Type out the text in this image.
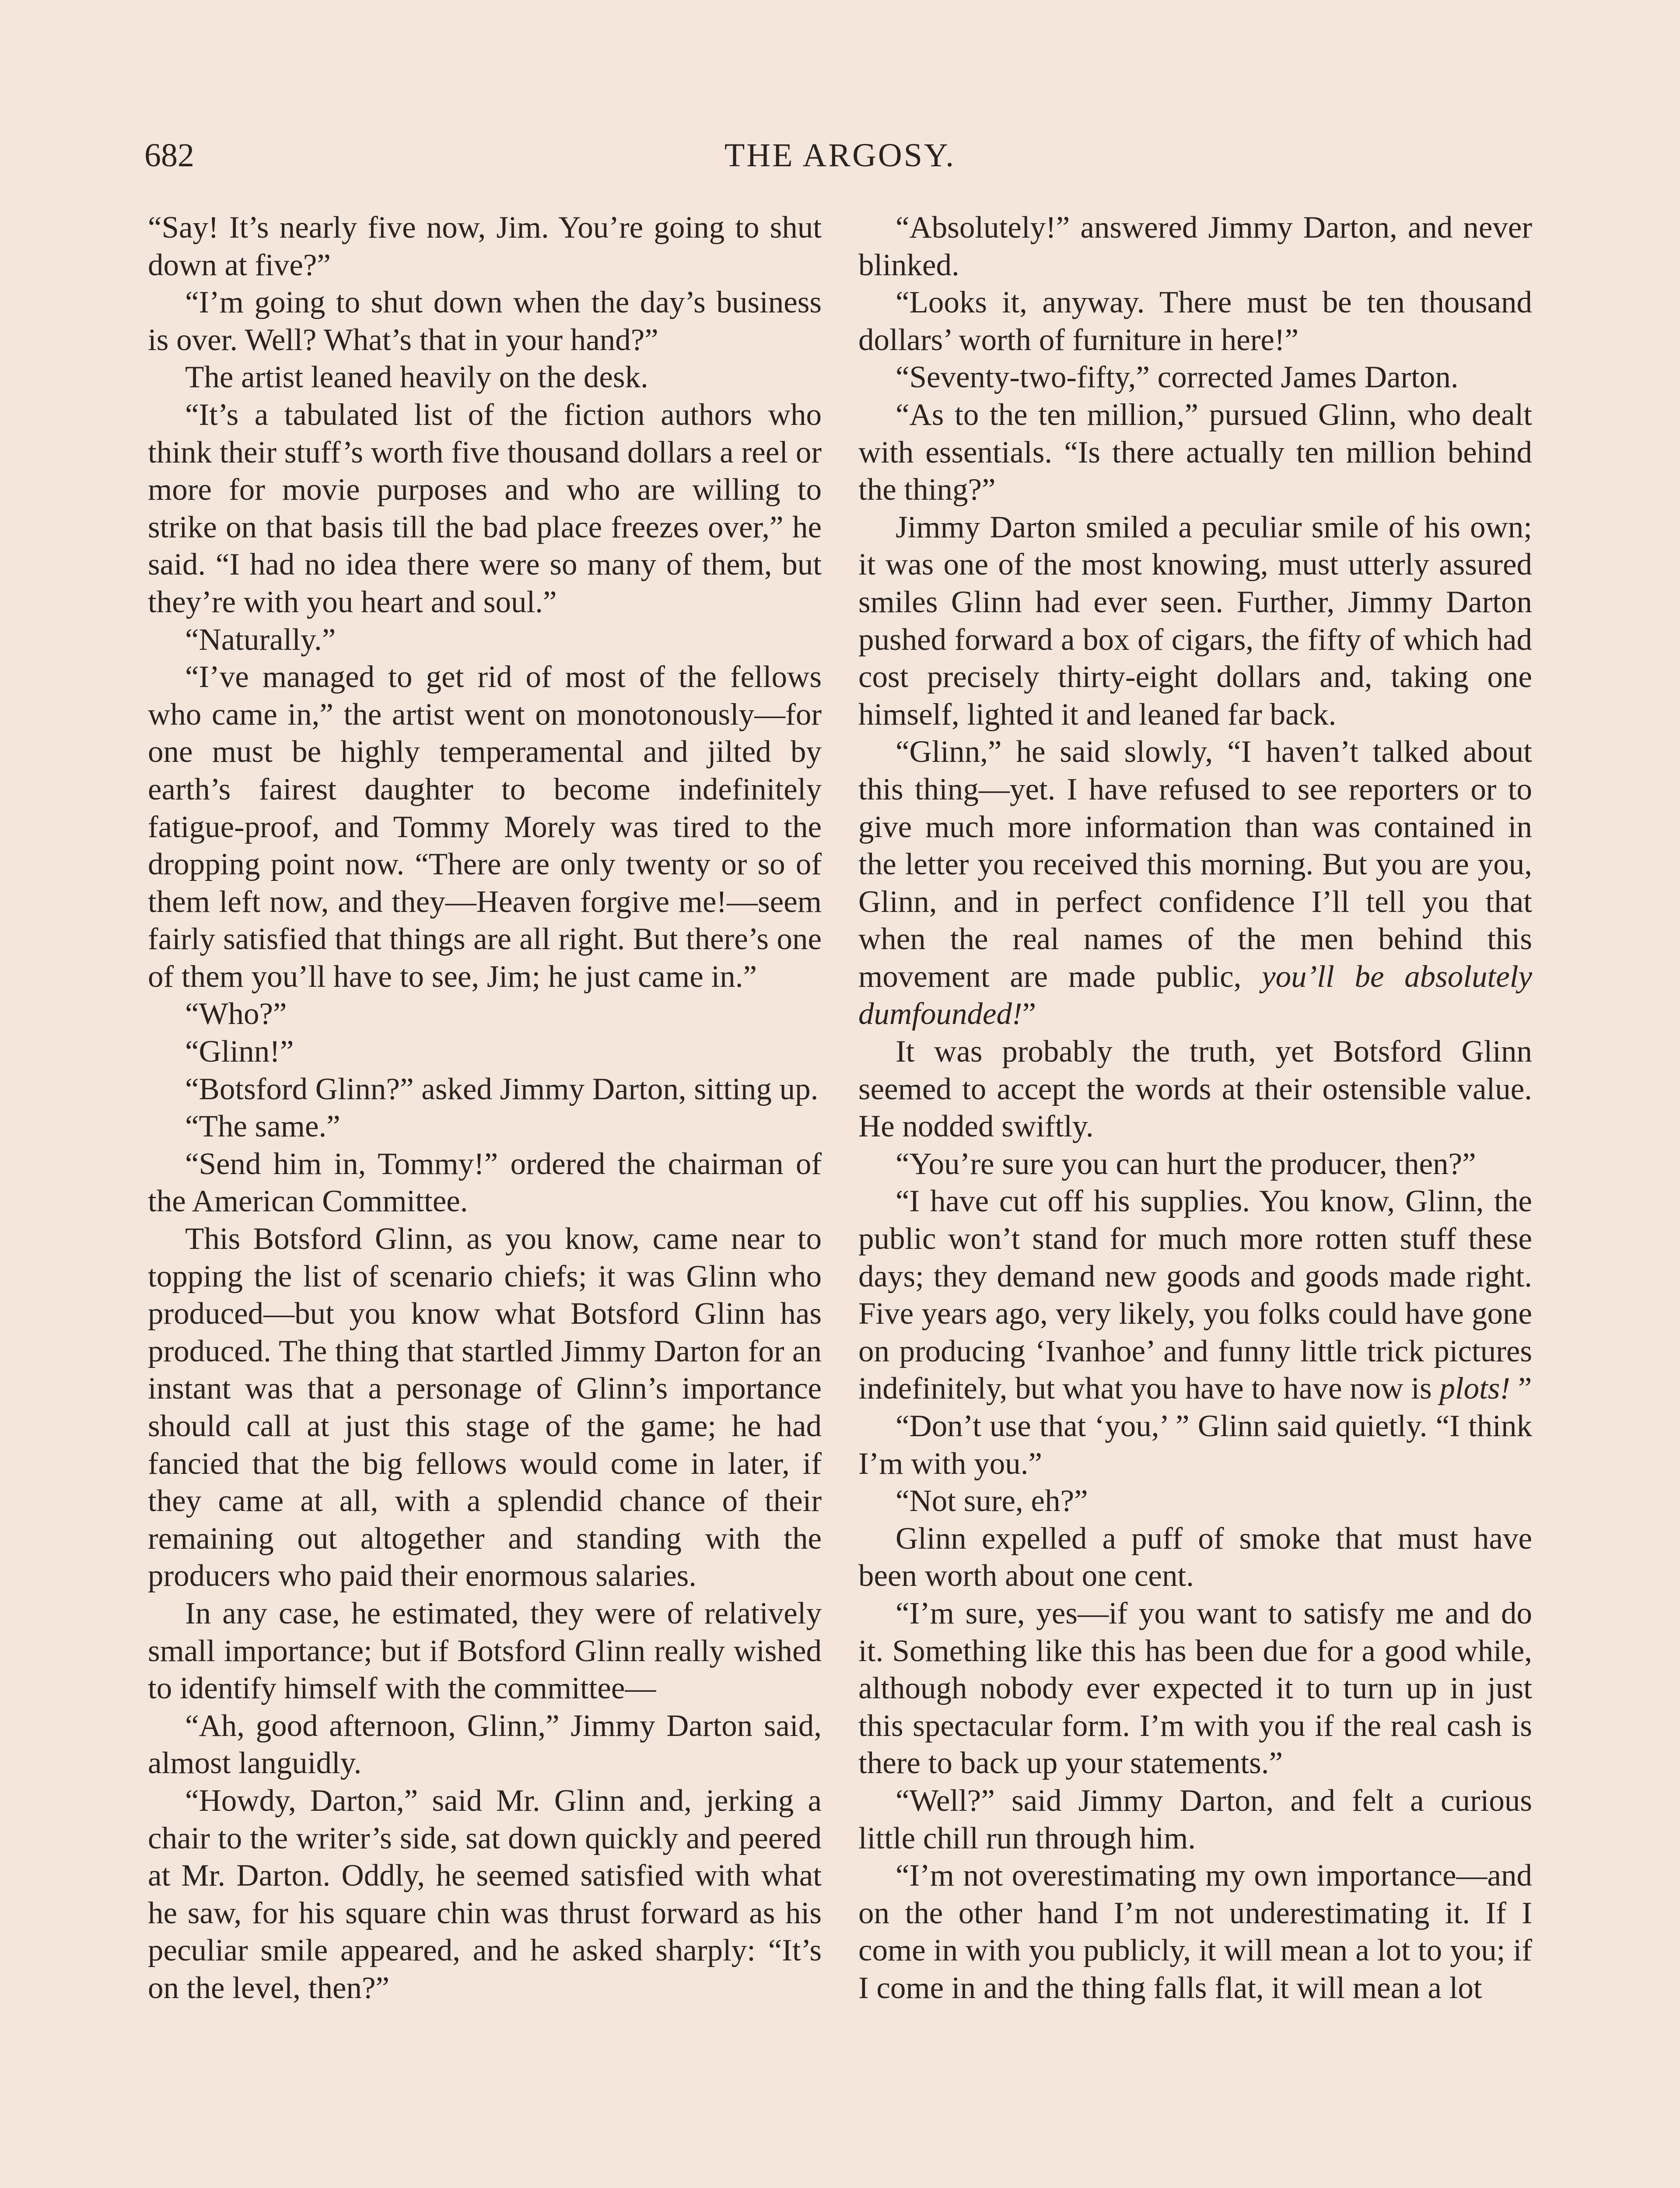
682	THE ARGOSY.

“Say! It’s nearly five now, Jim. You’re going to shut down at five?”

“I’m going to shut down when the day’s business is over. Well? What’s that in your hand?”

The artist leaned heavily on the desk.

“It’s a tabulated list of the fiction authors who think their stuff’s worth five thousand dollars a reel or more for movie purposes and who are willing to strike on that basis till the bad place freezes over,” he said. “I had no idea there were so many of them, but they’re with you heart and soul.”

“Naturally.”

“I’ve managed to get rid of most of the fellows who came in,” the artist went on monotonously—for one must be highly temperamental and jilted by earth’s fairest daughter to become indefinitely fatigue-proof, and Tommy Morely was tired to the dropping point now. “There are only twenty or so of them left now, and they—Heaven forgive me!—seem fairly satisfied that things are all right. But there’s one of them you’ll have to see, Jim; he just came in.”

“Who?”

“Glinn!”

“Botsford Glinn?” asked Jimmy Darton, sitting up.

“The same.”

“Send him in, Tommy!” ordered the chairman of the American Committee.

This Botsford Glinn, as you know, came near to topping the list of scenario chiefs; it was Glinn who produced—but you know what Botsford Glinn has produced. The thing that startled Jimmy Darton for an instant was that a personage of Glinn’s importance should call at just this stage of the game; he had fancied that the big fellows would come in later, if they came at all, with a splendid chance of their remaining out altogether and standing with the producers who paid their enormous salaries.

In any case, he estimated, they were of relatively small importance; but if Botsford Glinn really wished to identify himself with the committee—

“Ah, good afternoon, Glinn,” Jimmy Darton said, almost languidly.

“Howdy, Darton,” said Mr. Glinn and, jerking a chair to the writer’s side, sat down quickly and peered at Mr. Darton. Oddly, he seemed satisfied with what he saw, for his square chin was thrust forward as his peculiar smile appeared, and he asked sharply: “It’s on the level, then?”

“Absolutely!” answered Jimmy Darton, and never blinked.

“Looks it, anyway. There must be ten thousand dollars’ worth of furniture in here!”

“Seventy-two-fifty,” corrected James Darton.

“As to the ten million,” pursued Glinn, who dealt with essentials. “Is there actually ten million behind the thing?”

Jimmy Darton smiled a peculiar smile of his own; it was one of the most knowing, must utterly assured smiles Glinn had ever seen. Further, Jimmy Darton pushed forward a box of cigars, the fifty of which had cost precisely thirty-eight dollars and, taking one himself, lighted it and leaned far back.

“Glinn,” he said slowly, “I haven’t talked about this thing—yet. I have refused to see reporters or to give much more information than was contained in the letter you received this morning. But you are you, Glinn, and in perfect confidence I’ll tell you that when the real names of the men behind this movement are made public, you’ll be absolutely dumfounded!”

It was probably the truth, yet Botsford Glinn seemed to accept the words at their ostensible value. He nodded swiftly.

“You’re sure you can hurt the producer, then?”

“I have cut off his supplies. You know, Glinn, the public won’t stand for much more rotten stuff these days; they demand new goods and goods made right. Five years ago, very likely, you folks could have gone on producing ‘Ivanhoe’ and funny little trick pictures indefinitely, but what you have to have now is plots! ”

“Don’t use that ‘you,’ ” Glinn said quietly. “I think I’m with you.”

“Not sure, eh?”

Glinn expelled a puff of smoke that must have been worth about one cent.

“I’m sure, yes—if you want to satisfy me and do it. Something like this has been due for a good while, although nobody ever expected it to turn up in just this spectacular form. I’m with you if the real cash is there to back up your statements.”

“Well?” said Jimmy Darton, and felt a curious little chill run through him.

“I’m not overestimating my own importance—and on the other hand I’m not underestimating it. If I come in with you publicly, it will mean a lot to you; if I come in and the thing falls flat, it will mean a lot
